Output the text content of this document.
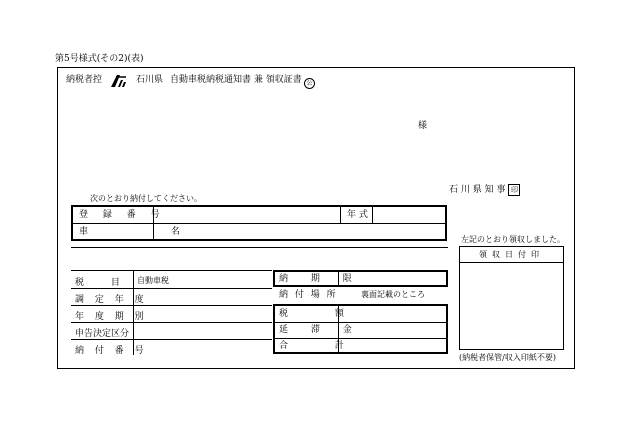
第5号様式(その2)(表)
納税者控	石川県 自動車税納税通知書 兼 領収証書 公
様
石 川 県 知 事 印
次のとおり納付してください。
登 録 番 号	年 式
車 名
税 目 自動車税
調 定 年 度
年 度 期 別
申告決定区分
納 付 番 号
納 期 限
納 付 場 所	裏面記載のところ
税 額
延 滞 金
合 計
左記のとおり領収しました。
領収日付印
(納税者保管/収入印紙不要)
